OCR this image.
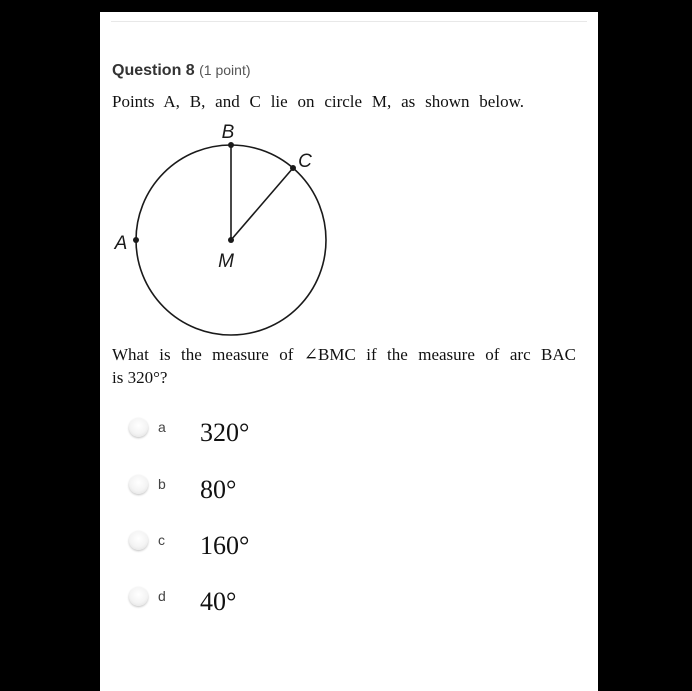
Question 8 (1 point)
Points A, B, and C lie on circle M, as shown below.
B
C
A
M
What is the measure of ∠BMC if the measure of arc BAC
is 320°?
a 320°
b 80°
c 160°
d 40°
